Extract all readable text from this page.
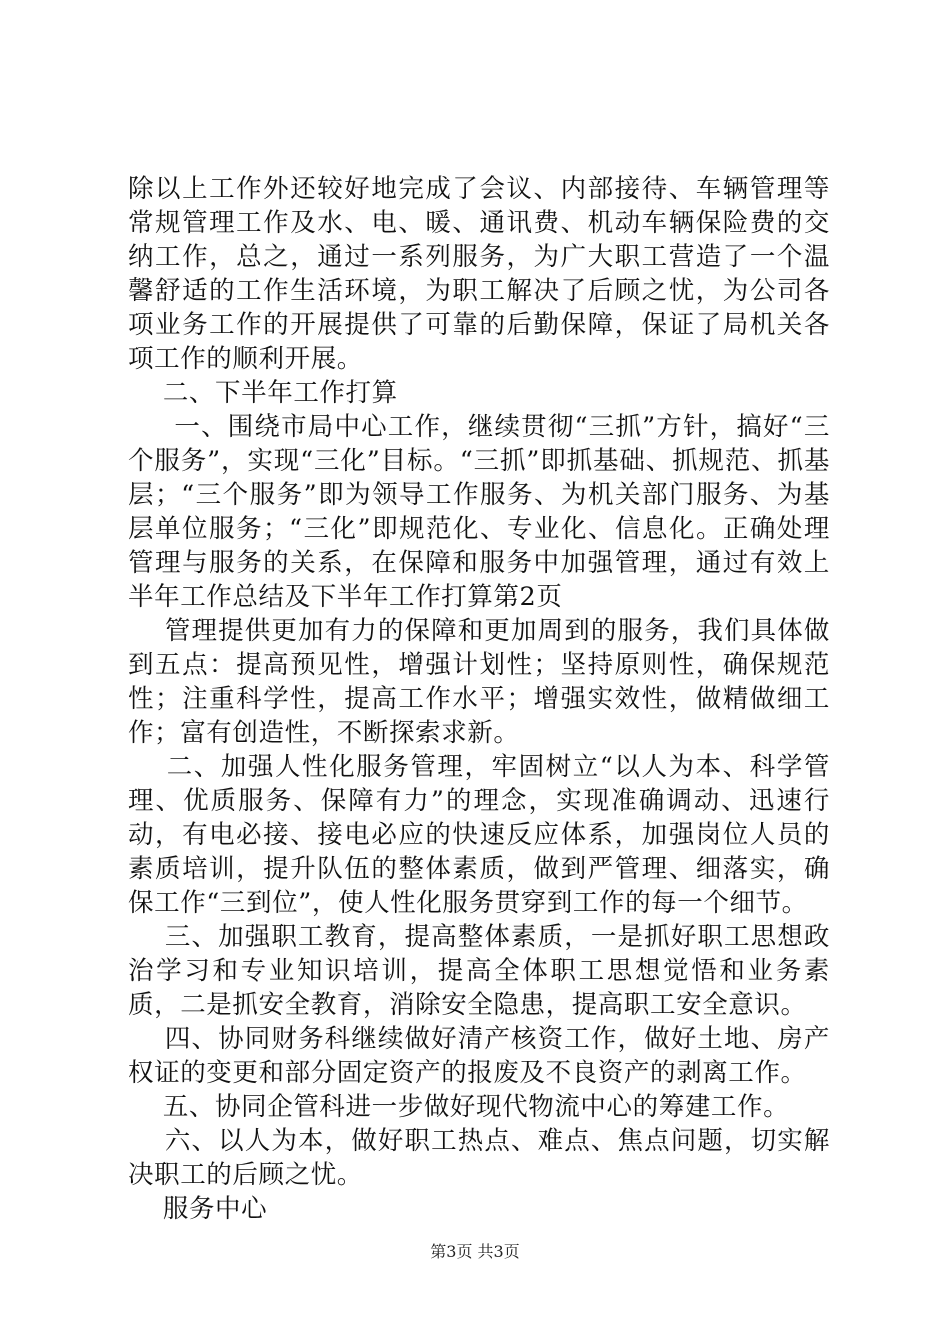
除以上工作外还较好地完成了会议、内部接待、车辆管理等常规管理工作及水、电、暖、通讯费、机动车辆保险费的交纳工作，总之，通过一系列服务，为广大职工营造了一个温馨舒适的工作生活环境，为职工解决了后顾之忧，为公司各项业务工作的开展提供了可靠的后勤保障，保证了局机关各项工作的顺利开展。

二、下半年工作打算

一、围绕市局中心工作，继续贯彻“三抓”方针，搞好“三个服务”，实现“三化”目标。“三抓”即抓基础、抓规范、抓基层；“三个服务”即为领导工作服务、为机关部门服务、为基层单位服务；“三化”即规范化、专业化、信息化。正确处理管理与服务的关系，在保障和服务中加强管理，通过有效上半年工作总结及下半年工作打算第2页

管理提供更加有力的保障和更加周到的服务，我们具体做到五点：提高预见性，增强计划性；坚持原则性，确保规范性；注重科学性，提高工作水平；增强实效性，做精做细工作；富有创造性，不断探索求新。

二、加强人性化服务管理，牢固树立“以人为本、科学管理、优质服务、保障有力”的理念，实现准确调动、迅速行动，有电必接、接电必应的快速反应体系，加强岗位人员的素质培训，提升队伍的整体素质，做到严管理、细落实，确保工作“三到位”，使人性化服务贯穿到工作的每一个细节。

三、加强职工教育，提高整体素质，一是抓好职工思想政治学习和专业知识培训，提高全体职工思想觉悟和业务素质，二是抓安全教育，消除安全隐患，提高职工安全意识。

四、协同财务科继续做好清产核资工作，做好土地、房产权证的变更和部分固定资产的报废及不良资产的剥离工作。

五、协同企管科进一步做好现代物流中心的筹建工作。

六、以人为本，做好职工热点、难点、焦点问题，切实解决职工的后顾之忧。

服务中心

第3页 共3页
